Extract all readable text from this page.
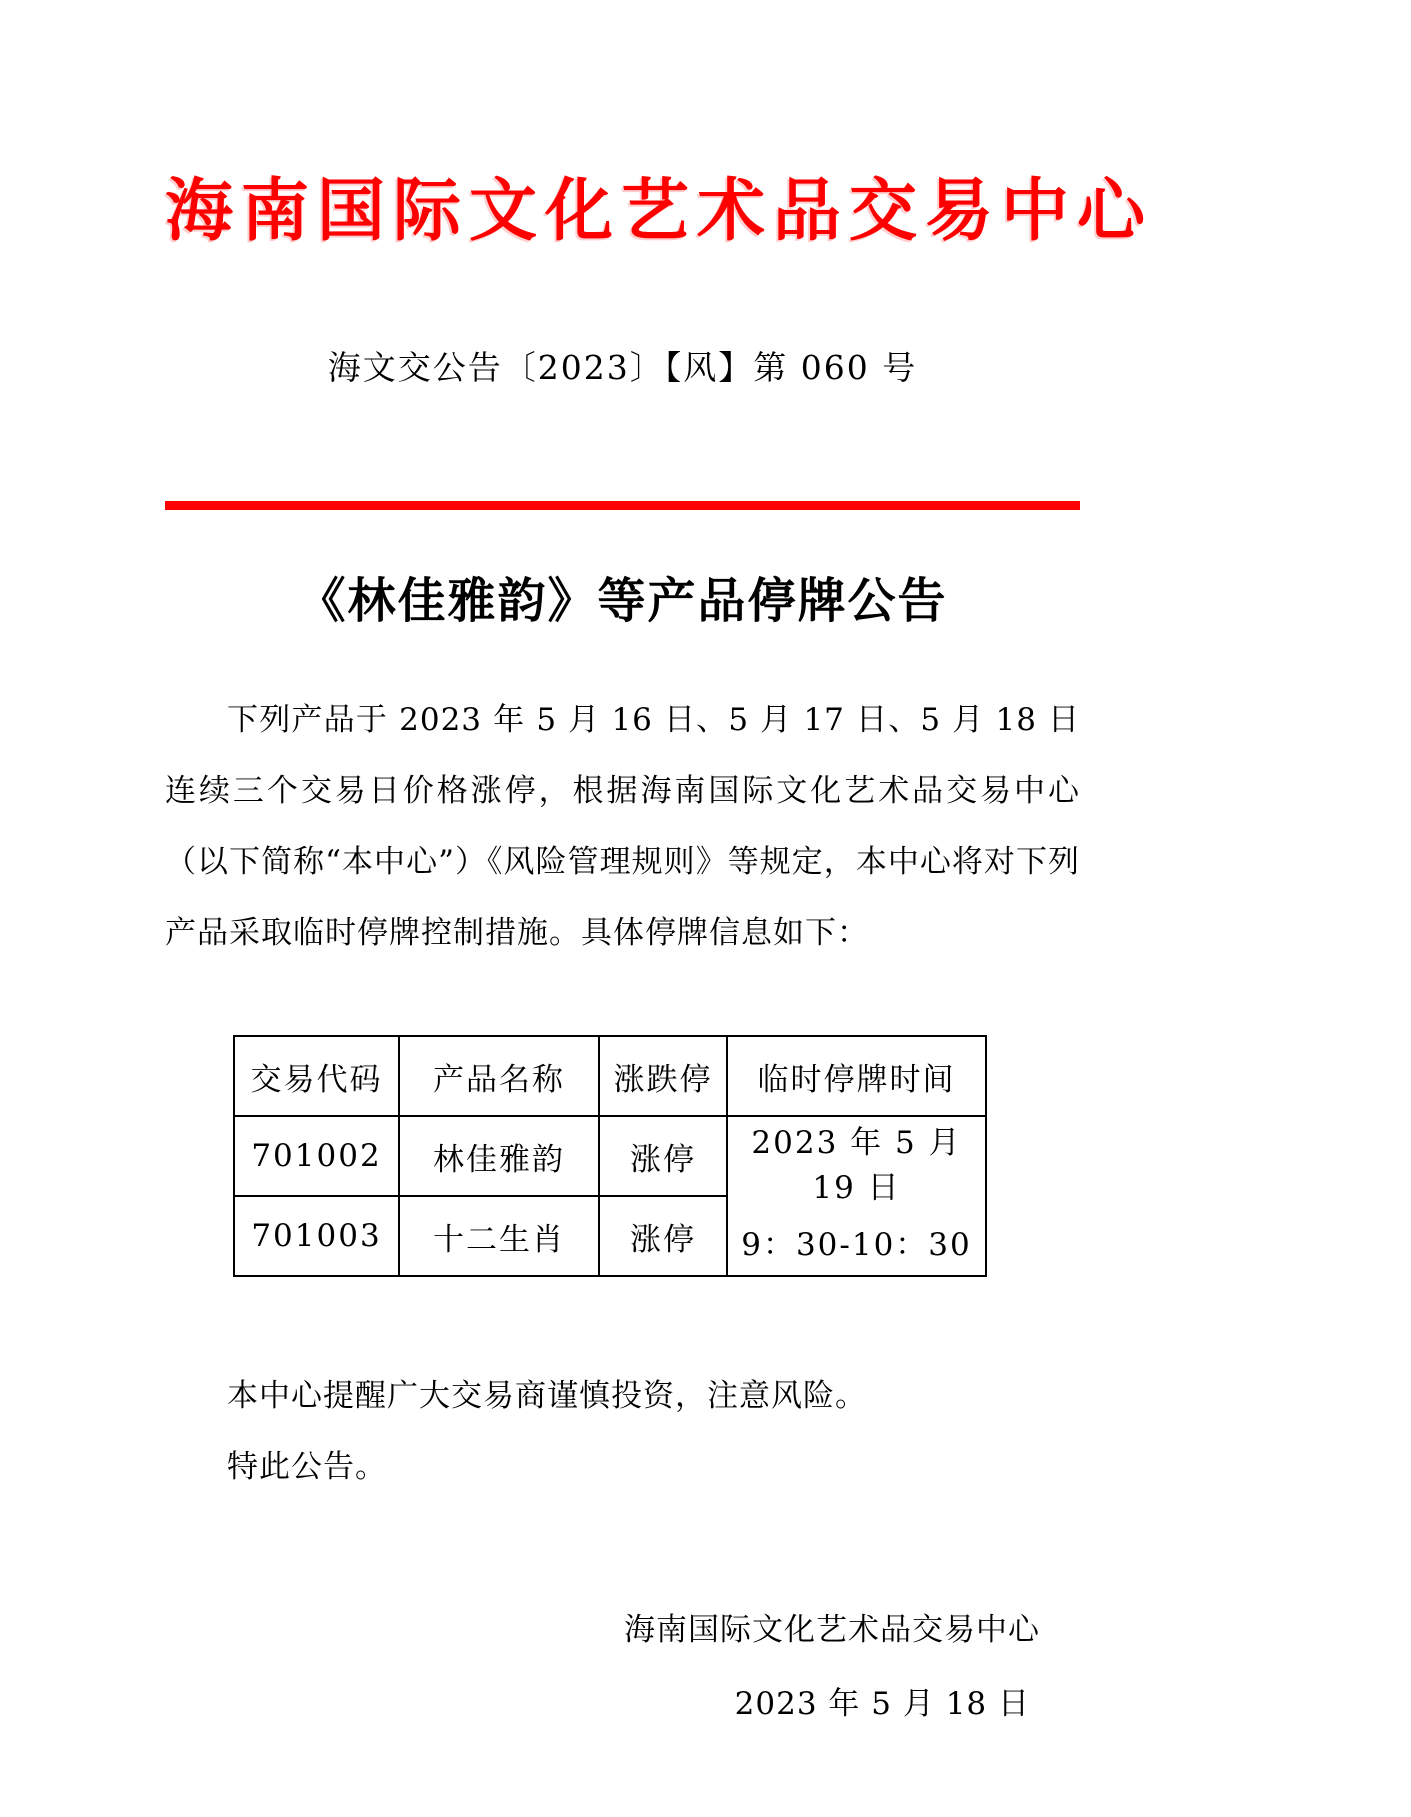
海南国际文化艺术品交易中心

海文交公告〔2023〕【风】第 060 号

《林佳雅韵》等产品停牌公告

下列产品于 2023 年 5 月 16 日、5 月 17 日、5 月 18 日连续三个交易日价格涨停，根据海南国际文化艺术品交易中心（以下简称“本中心”）《风险管理规则》等规定，本中心将对下列产品采取临时停牌控制措施。具体停牌信息如下：

交易代码	产品名称	涨跌停	临时停牌时间
701002	林佳雅韵	涨停	2023 年 5 月 19 日
9：30-10：30

701003	十二生肖	涨停	

本中心提醒广大交易商谨慎投资，注意风险。

特此公告。

海南国际文化艺术品交易中心

2023 年 5 月 18 日
